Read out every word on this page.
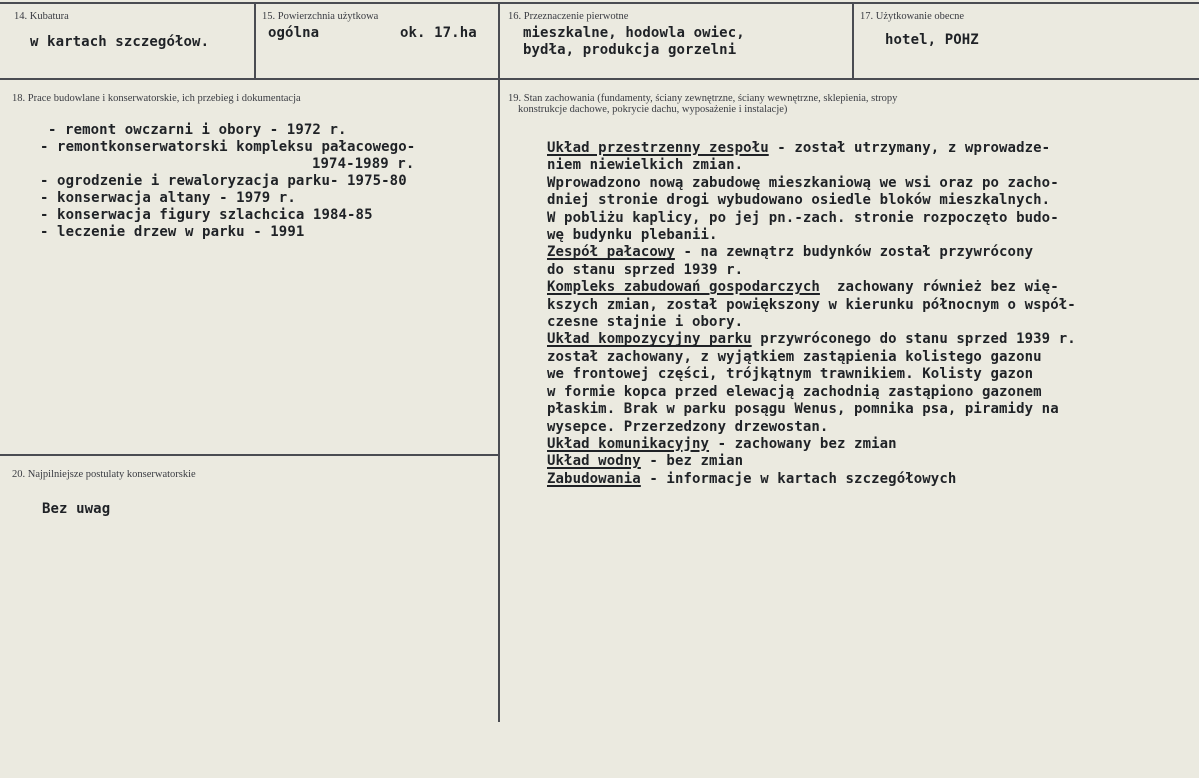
14. Kubatura
w kartach szczegółow.
15. Powierzchnia użytkowa
ogólna	ok. 17.ha
16. Przeznaczenie pierwotne
mieszkalne, hodowla owiec,
bydła, produkcja gorzelni
17. Użytkowanie obecne
hotel, POHZ
18. Prace budowlane i konserwatorskie, ich przebieg i dokumentacja
- remont owczarni i obory - 1972 r.
- remontkonserwatorski kompleksu pałacowego-
1974-1989 r.
- ogrodzenie i rewaloryzacja parku- 1975-80
- konserwacja altany - 1979 r.
- konserwacja figury szlachcica 1984-85
- leczenie drzew w parku - 1991
19. Stan zachowania (fundamenty, ściany zewnętrzne, ściany wewnętrzne, sklepienia, stropy
konstrukcje dachowe, pokrycie dachu, wyposażenie i instalacje)
Układ przestrzenny zespołu - został utrzymany, z wprowadze-
niem niewielkich zmian.
Wprowadzono nową zabudowę mieszkaniową we wsi oraz po zacho-
dniej stronie drogi wybudowano osiedle bloków mieszkalnych.
W pobliżu kaplicy, po jej pn.-zach. stronie rozpoczęto budo-
wę budynku plebanii.
Zespół pałacowy - na zewnątrz budynków został przywrócony
do stanu sprzed 1939 r.
Kompleks zabudowań gospodarczych  zachowany również bez wię-
kszych zmian, został powiększony w kierunku północnym o współ-
czesne stajnie i obory.
Układ kompozycyjny parku przywróconego do stanu sprzed 1939 r.
został zachowany, z wyjątkiem zastąpienia kolistego gazonu
we frontowej części, trójkątnym trawnikiem. Kolisty gazon
w formie kopca przed elewacją zachodnią zastąpiono gazonem
płaskim. Brak w parku posągu Wenus, pomnika psa, piramidy na
wysepce. Przerzedzony drzewostan.
Układ komunikacyjny - zachowany bez zmian
Układ wodny - bez zmian
Zabudowania - informacje w kartach szczegółowych
20. Najpilniejsze postulaty konserwatorskie
Bez uwag
